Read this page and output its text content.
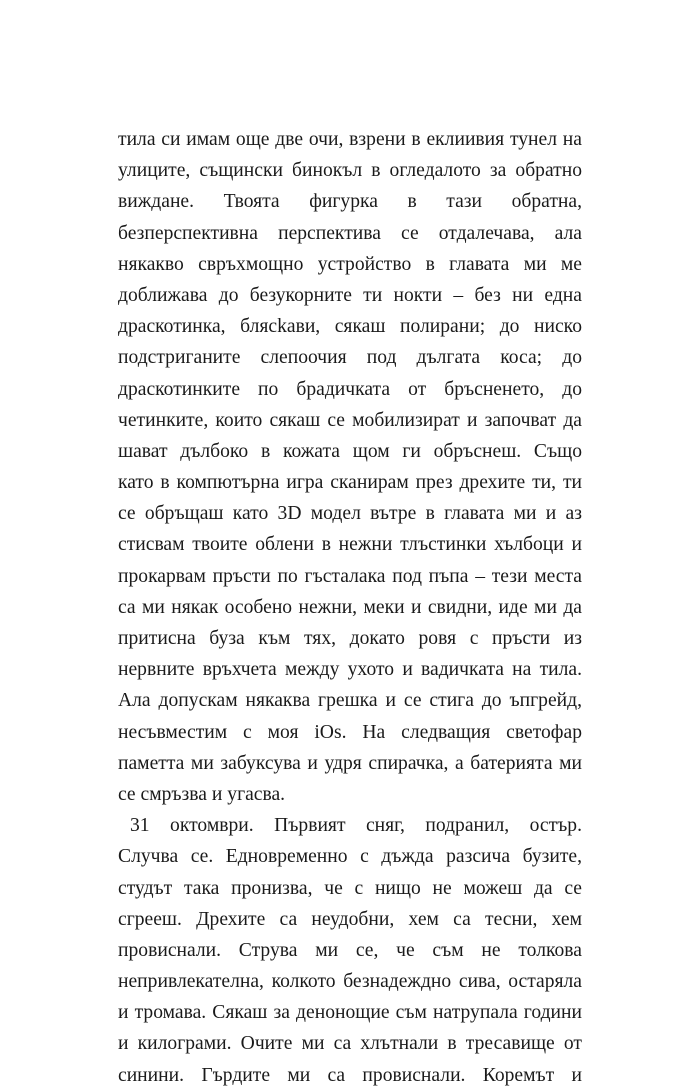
тила си имам още две очи, взрени в еклиивия тунел на
улиците, същински бинокъл в огледалото за обратно
виждане. Твоята фигурка в тази обратна,
безперспективна перспектива се отдалечава, ала
някакво свръхмощно устройство в главата ми ме
доближава до безукорните ти нокти – без ни една
драскотинка, блясkави, сякаш полирани; до ниско
подстриганите слепоочия под дългата коса; до
драскотинките по брадичката от бръсненето, до
четинките, които сякаш се мобилизират и започват да
шават дълбоко в кожата щом ги обръснеш. Също
като в компютърна игра сканирам през дрехите ти, ти
се обръщаш като 3D модел вътре в главата ми и аз
стисвам твоите облени в нежни тлъстинки хълбоци и
прокарвам пръсти по гъсталака под пъпа – тези места
са ми някак особено нежни, меки и свидни, иде ми да
притисна буза към тях, докато ровя с пръсти из
нервните връхчета между ухото и вадичката на тила.
Ала допускам някаква грешка и се стига до ъпгрейд,
несъвместим с моя iOs. На следващия светофар
паметта ми забуксува и удря спирачка, а батерията ми
се смръзва и угасва.
31 октомври. Първият сняг, подранил, остър.
Случва се. Едновременно с дъжда разсича бузите,
студът така пронизва, че с нищо не можеш да се
сгрееш. Дрехите са неудобни, хем са тесни, хем
провиснали. Струва ми се, че съм не толкова
непривлекателна, колкото безнадеждно сива, остаряла
и тромава. Сякаш за денонощие съм натрупала години
и килограми. Очите ми са хлътнали в тресавище от
синини. Гърдите ми са провиснали. Коремът и
